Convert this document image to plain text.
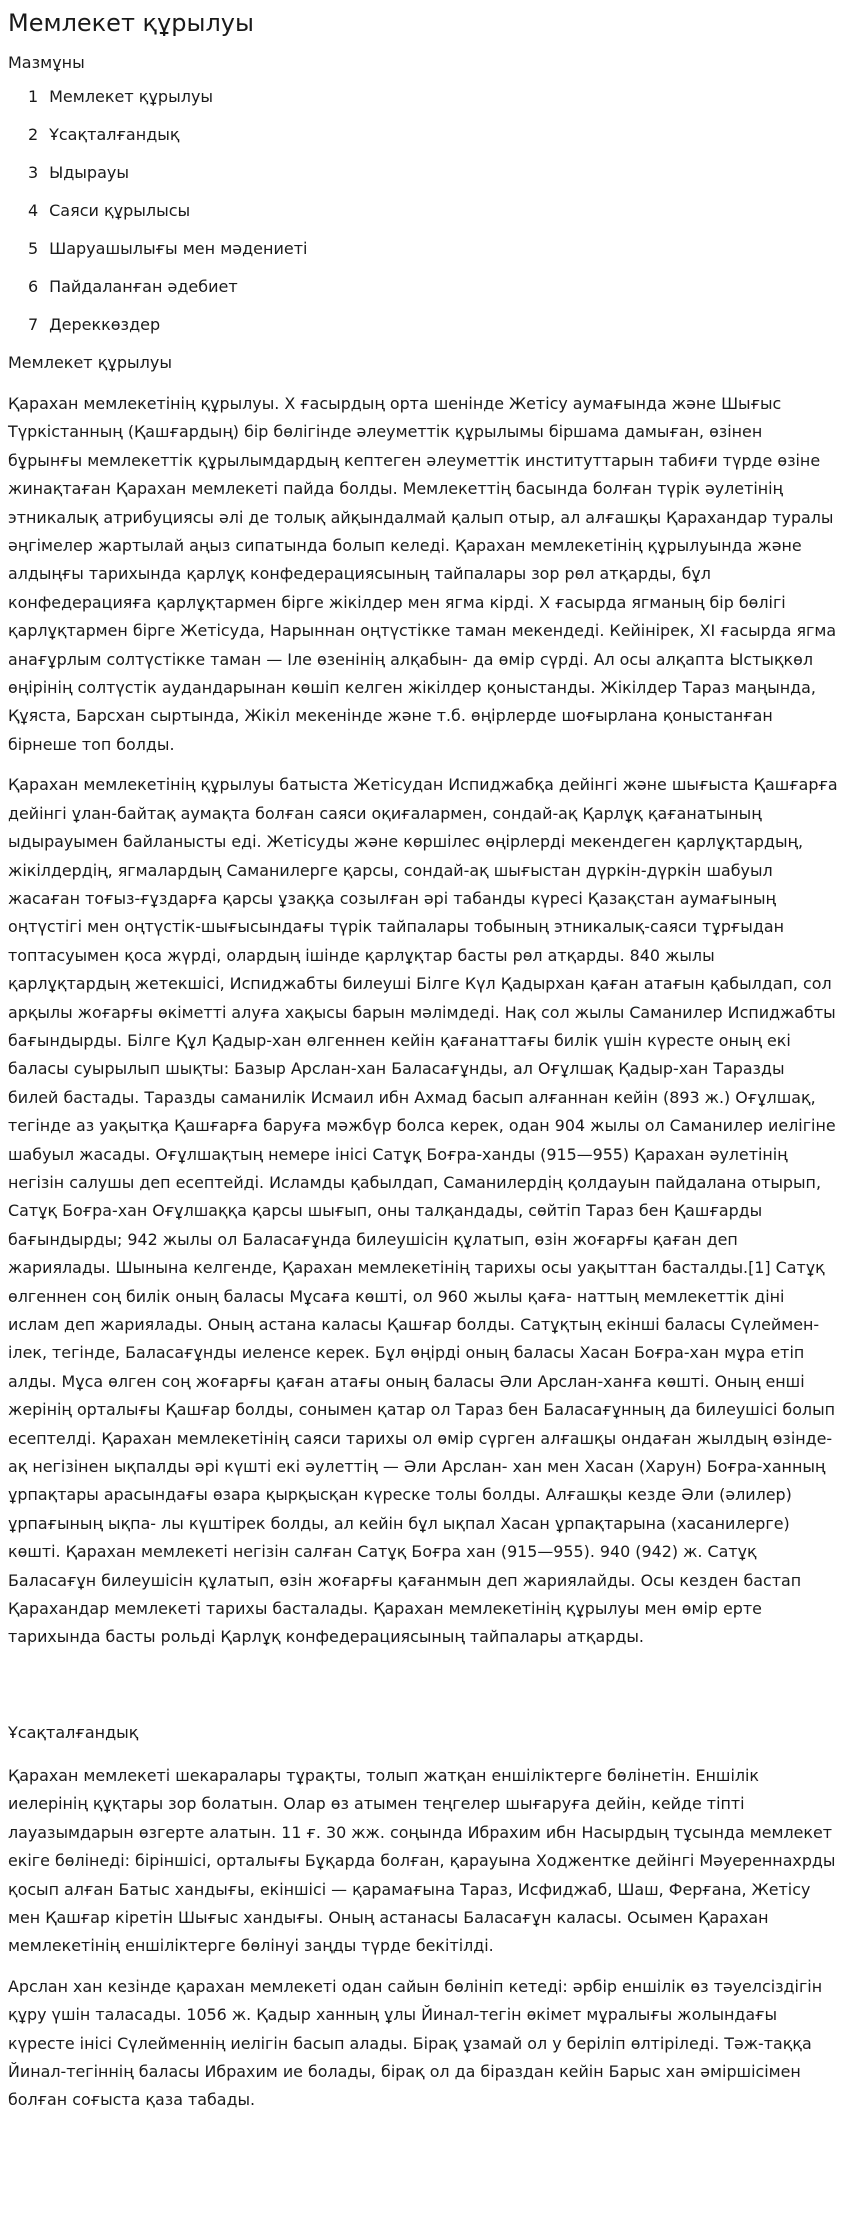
Мемлекет құрылуы
Мазмұны
1 Мемлекет құрылуы
2 Ұсақталғандық
3 Ыдырауы
4 Саяси құрылысы
5 Шаруашылығы мен мәдениеті
6 Пайдаланған әдебиет
7 Дереккөздер
Мемлекет құрылуы

Қарахан мемлекетінің құрылуы. X ғасырдың орта шенінде Жетісу аумағында және Шығыс Түркістанның (Қашғардың) бір бөлігінде әлеуметтік құрылымы біршама дамыған, өзінен бұрынғы мемлекеттік құрылымдардың кептеген әлеуметтік институттарын табиғи түрде өзіне жинақтаған Қарахан мемлекеті пайда болды. Мемлекеттің басында болған түрік әулетінің этникалық атрибуциясы әлі де толық айқындалмай қалып отыр, ал алғашқы Қарахандар туралы әңгімелер жартылай аңыз сипатында болып келеді. Қарахан мемлекетінің құрылуында және алдыңғы тарихында қарлұқ конфедерациясының тайпалары зор рөл атқарды, бұл конфедерацияға қарлұқтармен бірге жікілдер мен ягма кірді. X ғасырда ягманың бір бөлігі қарлұқтармен бірге Жетісуда, Нарыннан оңтүстікке таман мекендеді. Кейінірек, XI ғасырда ягма анағұрлым солтүстікке таман — Іле өзенінің алқабын- да өмір сүрді. Ал осы алқапта Ыстықкөл өңірінің солтүстік аудандарынан көшіп келген жікілдер қоныстанды. Жікілдер Тараз маңында, Құяста, Барсхан сыртында, Жікіл мекенінде және т.б. өңірлерде шоғырлана қоныстанған бірнеше топ болды.

Қарахан мемлекетінің құрылуы батыста Жетісудан Испиджабқа дейінгі және шығыста Қашғарға дейінгі ұлан-байтақ аумақта болған саяси оқиғалармен, сондай-ақ Қарлұқ қағанатының ыдырауымен байланысты еді. Жетісуды және көршілес өңірлерді мекендеген қарлұқтардың, жікілдердің, ягмалардың Саманилерге қарсы, сондай-ақ шығыстан дүркін-дүркін шабуыл жасаған тоғыз-ғұздарға қарсы ұзаққа созылған әрі табанды күресі Қазақстан аумағының оңтүстігі мен оңтүстік-шығысындағы түрік тайпалары тобының этникалық-саяси тұрғыдан топтасуымен қоса жүрді, олардың ішінде қарлұқтар басты рөл атқарды. 840 жылы қарлұқтардың жетекшісі, Испиджабты билеуші Білге Күл Қадырхан қаған атағын қабылдап, сол арқылы жоғарғы өкіметті алуға хақысы барын мәлімдеді. Нақ сол жылы Саманилер Испиджабты бағындырды. Білге Құл Қадыр-хан өлгеннен кейін қағанаттағы билік үшін күресте оның екі баласы суырылып шықты: Базыр Арслан-хан Баласағұнды, ал Оғұлшақ Қадыр-хан Таразды билей бастады. Таразды саманилік Исмаил ибн Ахмад басып алғаннан кейін (893 ж.) Оғұлшақ, тегінде аз уақытқа Қашғарға баруға мәжбүр болса керек, одан 904 жылы ол Саманилер иелігіне шабуыл жасады. Оғұлшақтың немере інісі Сатұқ Боғра-ханды (915—955) Қарахан әулетінің негізін салушы деп есептейді. Исламды қабылдап, Саманилердің қолдауын пайдалана отырып, Сатұқ Боғра-хан Оғұлшаққа қарсы шығып, оны талқандады, сөйтіп Тараз бен Қашғарды бағындырды; 942 жылы ол Баласағұнда билеушісін құлатып, өзін жоғарғы қаған деп жариялады. Шынына келгенде, Қарахан мемлекетінің тарихы осы уақыттан басталды.[1] Сатұқ өлгеннен соң билік оның баласы Мұсаға көшті, ол 960 жылы қаға- наттың мемлекеттік діні ислам деп жариялады. Оның астана каласы Қашғар болды. Сатұқтың екінші баласы Сүлеймен-ілек, тегінде, Баласағұнды иеленсе керек. Бұл өңірді оның баласы Хасан Боғра-хан мұра етіп алды. Мұса өлген соң жоғарғы қаған атағы оның баласы Әли Арслан-ханға көшті. Оның енші жерінің орталығы Қашғар болды, сонымен қатар ол Тараз бен Баласағұнның да билеушісі болып есептелді. Қарахан мемлекетінің саяси тарихы ол өмір сүрген алғашқы ондаған жылдың өзінде-ақ негізінен ықпалды әрі күшті екі әулеттің — Әли Арслан- хан мен Хасан (Харун) Боғра-ханның ұрпақтары арасындағы өзара қырқысқан күреске толы болды. Алғашқы кезде Әли (әлилер) ұрпағының ықпа- лы күштірек болды, ал кейін бұл ықпал Хасан ұрпақтарына (хасанилерге) көшті. Қарахан мемлекеті негізін салған Сатұқ Боғра хан (915—955). 940 (942) ж. Сатұқ Баласағұн билеушісін құлатып, өзін жоғарғы қағанмын деп жариялайды. Осы кезден бастап Қарахандар мемлекеті тарихы басталады. Қарахан мемлекетінің құрылуы мен өмір ерте тарихында басты рольді Қарлұқ конфедерациясының тайпалары атқарды.

Ұсақталғандық

Қарахан мемлекеті шекаралары тұрақты, толып жатқан еншіліктерге бөлінетін. Еншілік иелерінің құқтары зор болатын. Олар өз атымен теңгелер шығаруға дейін, кейде тіпті лауазымдарын өзгерте алатын. 11 ғ. 30 жж. соңында Ибрахим ибн Насырдың тұсында мемлекет екіге бөлінеді: біріншісі, орталығы Бұқарда болған, қарауына Ходжентке дейінгі Мәуереннахрды қосып алған Батыс хандығы, екіншісі — қарамағына Тараз, Исфиджаб, Шаш, Ферғана, Жетісу мен Қашғар кіретін Шығыс хандығы. Оның астанасы Баласағұн каласы. Осымен Қарахан мемлекетінің еншіліктерге бөлінуі заңды түрде бекітілді.

Арслан хан кезінде қарахан мемлекеті одан сайын бөлініп кетеді: әрбір еншілік өз тәуелсіздігін құру үшін таласады. 1056 ж. Қадыр ханның ұлы Йинал-тегін өкімет мұралығы жолындағы күресте інісі Сүлейменнің иелігін басып алады. Бірақ ұзамай ол у беріліп өлтіріледі. Тәж-таққа Йинал-тегіннің баласы Ибрахим ие болады, бірақ ол да біраздан кейін Барыс хан әміршісімен болған соғыста қаза табады.
